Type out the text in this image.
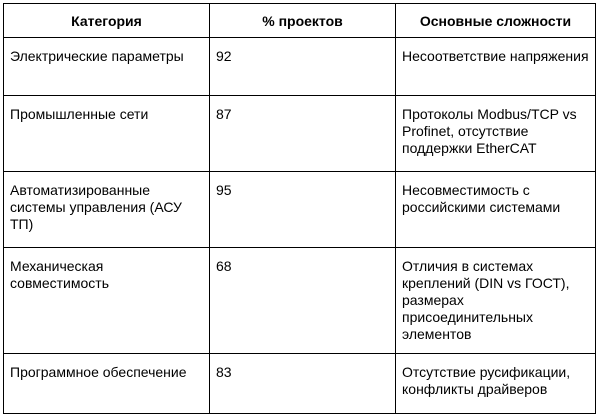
Категория	% проектов	Основные сложности
Электрические параметры	92	Несоответствие напряжения
Промышленные сети	87	Протоколы Modbus/TCP vs Profinet, отсутствие поддержки EtherCAT
Автоматизированные системы управления (АСУ ТП)	95	Несовместимость с российскими системами
Механическая совместимость	68	Отличия в системах креплений (DIN vs ГОСТ), размерах присоединительных элементов
Программное обеспечение	83	Отсутствие русификации, конфликты драйверов
